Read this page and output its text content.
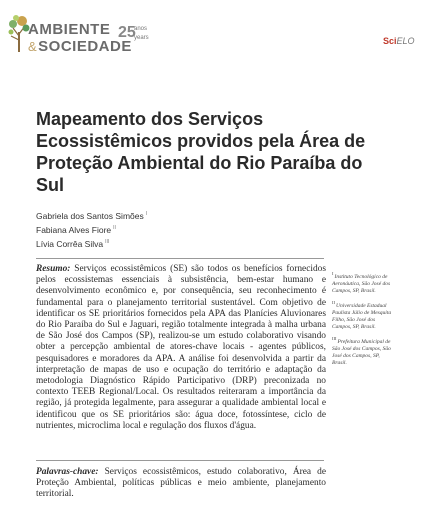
AMBIENTE
&SOCIEDADE
25
anos
years	SciELO
Mapeamento dos Serviços Ecossistêmicos providos pela Área de Proteção Ambiental do Rio Paraíba do Sul
Gabriela dos Santos Simões $^I$
Fabiana Alves Fiore $^{II}$
Lívia Corrêa Silva $^{III}$

Resumo: Serviços ecossistêmicos (SE) são todos os benefícios fornecidos pelos ecossistemas essenciais à subsistência, bem-estar humano e desenvolvimento econômico e, por consequência, seu reconhecimento é fundamental para o planejamento territorial sustentável. Com objetivo de identificar os SE prioritários fornecidos pela APA das Planícies Aluvionares do Rio Paraíba do Sul e Jaguari, região totalmente integrada à malha urbana de São José dos Campos (SP), realizou-se um estudo colaborativo visando obter a percepção ambiental de atores-chave locais - agentes públicos, pesquisadores e moradores da APA. A análise foi desenvolvida a partir da interpretação de mapas de uso e ocupação do território e adaptação da metodologia Diagnóstico Rápido Participativo (DRP) preconizada no contexto TEEB Regional/Local. Os resultados reiteraram a importância da região, já protegida legalmente, para assegurar a qualidade ambiental local e identificou que os SE prioritários são: água doce, fotossíntese, ciclo de nutrientes, microclima local e regulação dos fluxos d'água.

Palavras-chave: Serviços ecossistêmicos, estudo colaborativo, Área de Proteção Ambiental, políticas públicas e meio ambiente, planejamento territorial.

$^I$Instituto Tecnológico de Aeronáutica, São José dos Campos, SP, Brasil.
$^{II}$Universidade Estadual Paulista Júlio de Mesquita Filho, São José dos Campos, SP, Brasil.
$^{III}$Prefeitura Municipal de São José dos Campos, São José dos Campos, SP, Brasil.
